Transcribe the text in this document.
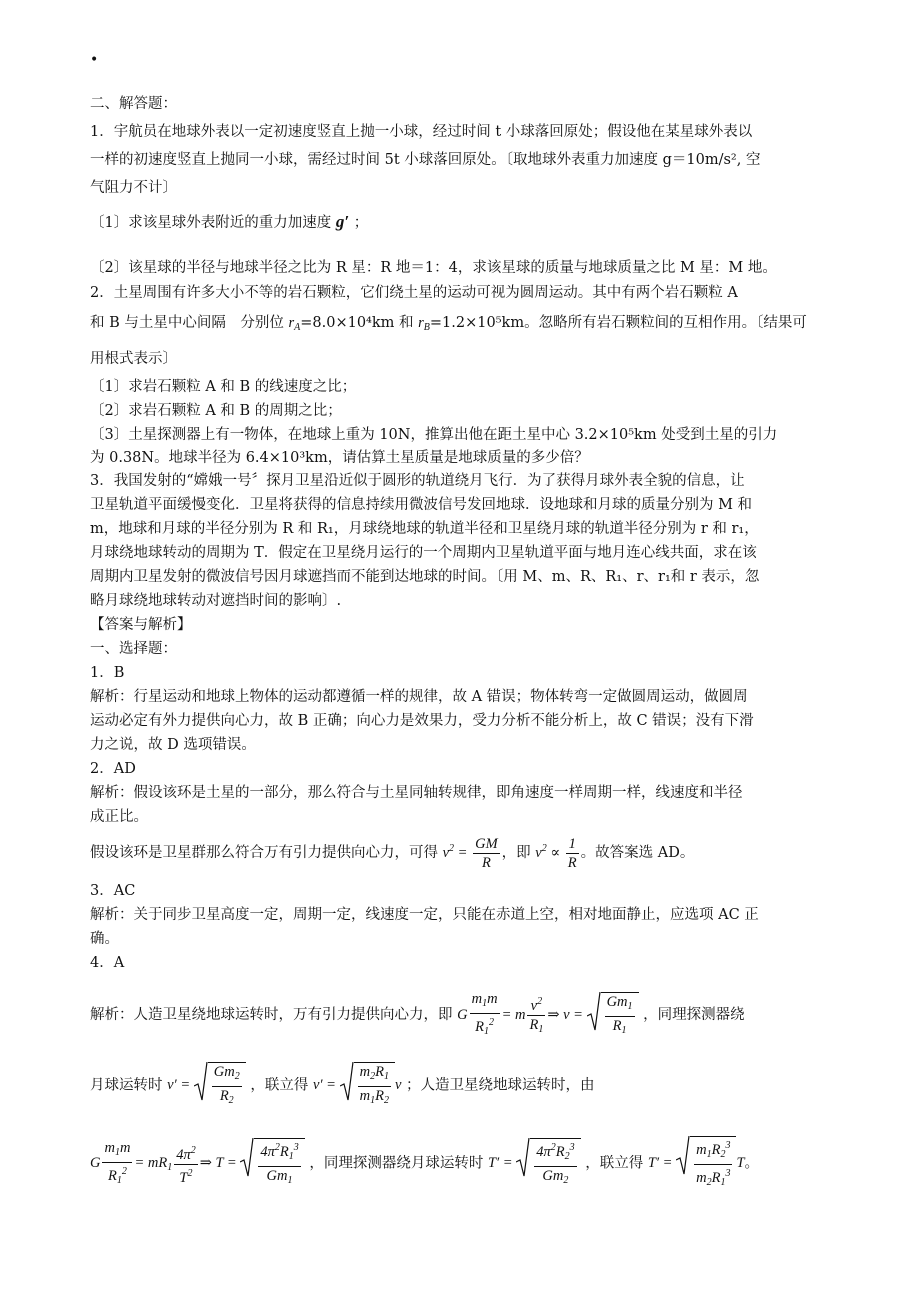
•
二、解答题：
1．宇航员在地球外表以一定初速度竖直上抛一小球，经过时间 t 小球落回原处；假设他在某星球外表以
一样的初速度竖直上抛同一小球，需经过时间 5t 小球落回原处。〔取地球外表重力加速度 g＝10m/s², 空
气阻力不计〕
〔1〕求该星球外表附近的重力加速度 g′ ；
〔2〕该星球的半径与地球半径之比为 R 星：R 地＝1：4，求该星球的质量与地球质量之比 M 星：M 地。
2．土星周围有许多大小不等的岩石颗粒，它们绕土星的运动可视为圆周运动。其中有两个岩石颗粒 A
和 B 与土星中心间隔　分别位 $r_A=8.0\times 10^4km$ 和 $r_B=1.2\times 10^5km$。忽略所有岩石颗粒间的互相作用。〔结果可
用根式表示〕
〔1〕求岩石颗粒 A 和 B 的线速度之比；
〔2〕求岩石颗粒 A 和 B 的周期之比；
〔3〕土星探测器上有一物体，在地球上重为 10N，推算出他在距土星中心 3.2×10⁵km 处受到土星的引力
为 0.38N。地球半径为 6.4×10³km，请估算土星质量是地球质量的多少倍？
3．我国发射的“嫦娥一号〞探月卫星沿近似于圆形的轨道绕月飞行．为了获得月球外表全貌的信息，让
卫星轨道平面缓慢变化．卫星将获得的信息持续用微波信号发回地球．设地球和月球的质量分别为 M 和
m，地球和月球的半径分别为 R 和 R₁，月球绕地球的轨道半径和卫星绕月球的轨道半径分别为 r 和 r₁，
月球绕地球转动的周期为 T．假定在卫星绕月运行的一个周期内卫星轨道平面与地月连心线共面，求在该
周期内卫星发射的微波信号因月球遮挡而不能到达地球的时间。〔用 M、m、R、R₁、r、r₁和 r 表示，忽
略月球绕地球转动对遮挡时间的影响〕.
【答案与解析】
一、选择题：
1．B
解析：行星运动和地球上物体的运动都遵循一样的规律，故 A 错误；物体转弯一定做圆周运动，做圆周
运动必定有外力提供向心力，故 B 正确；向心力是效果力，受力分析不能分析上，故 C 错误；没有下滑
力之说，故 D 选项错误。
2．AD
解析：假设该环是土星的一部分，那么符合与土星同轴转规律，即角速度一样周期一样，线速度和半径
成正比。
假设该环是卫星群那么符合万有引力提供向心力，可得 $v^2 = \frac{GM}{R}$ ，即 $v^2 \propto \frac{1}{R}$ 。故答案选 AD。
3．AC
解析：关于同步卫星高度一定，周期一定，线速度一定，只能在赤道上空，相对地面静止，应选项 AC 正
确。
4．A
解析：人造卫星绕地球运转时，万有引力提供向心力，即 G $\frac{m_1m}{R_1^2} = m \frac{v^2}{R_1}$ ⇒ $v = \frac{Gm_1}{R_1}$ ，同理探测器绕
月球运转时 $v' = \frac{Gm_2}{R_2}$ ，联立得 $v' = \frac{m_2R_1}{m_1R_2}$ v ；人造卫星绕地球运转时，由
G $\frac{m_1m}{R_1^2} = mR_1 \frac{4\pi^2}{T^2}$ ⇒ $T = \frac{4\pi^2R_1^3}{Gm_1}$ ，同理探测器绕月球运转时 $T' = \frac{4\pi^2R_2^3}{Gm_2}$ ，联立得 $T' = \frac{m_1R_2^3}{m_2R_1^3}$ T。
